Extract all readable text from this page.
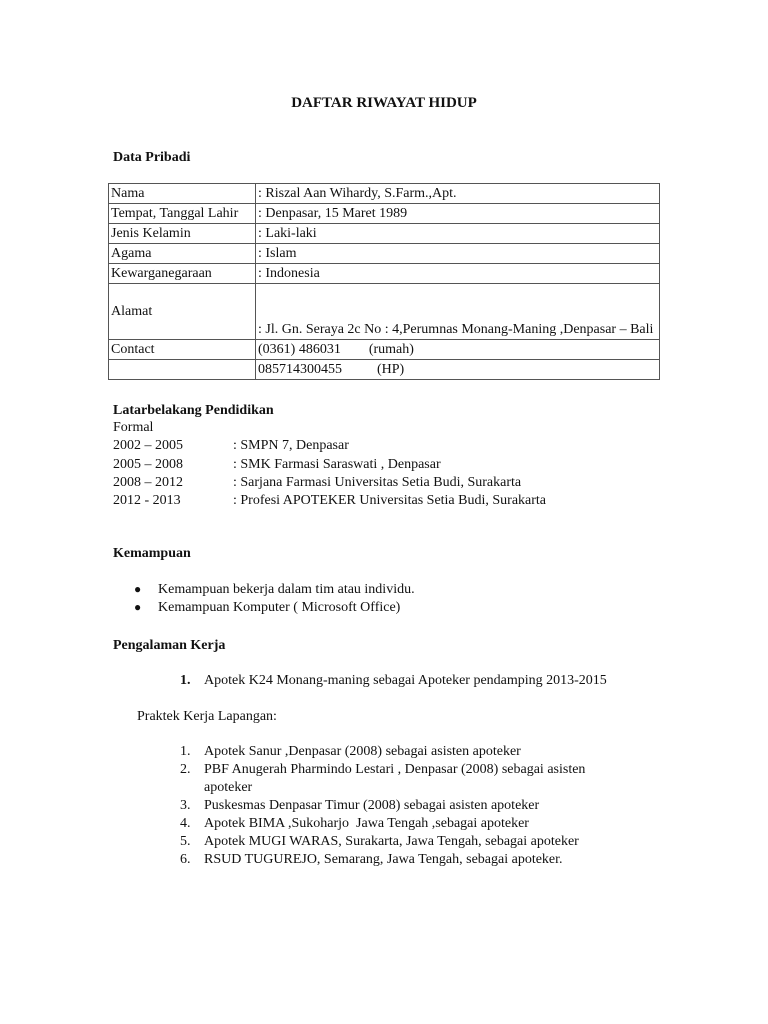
DAFTAR RIWAYAT HIDUP
Data Pribadi
Nama	: Riszal Aan Wihardy, S.Farm.,Apt.
Tempat, Tanggal Lahir	: Denpasar, 15 Maret 1989
Jenis Kelamin	: Laki-laki
Agama	: Islam
Kewarganegaraan	: Indonesia
Alamat	: Jl. Gn. Seraya 2c No : 4,Perumnas Monang-Maning ,Denpasar – Bali
Contact	(0361) 486031        (rumah)
	085714300455          (HP)
Latarbelakang Pendidikan
Formal
2002 – 2005	: SMPN 7, Denpasar
2005 – 2008	: SMK Farmasi Saraswati , Denpasar
2008 – 2012	: Sarjana Farmasi Universitas Setia Budi, Surakarta
2012 - 2013	: Profesi APOTEKER Universitas Setia Budi, Surakarta
Kemampuan
● Kemampuan bekerja dalam tim atau individu.
● Kemampuan Komputer ( Microsoft Office)
Pengalaman Kerja
1. Apotek K24 Monang-maning sebagai Apoteker pendamping 2013-2015
Praktek Kerja Lapangan:
1. Apotek Sanur ,Denpasar (2008) sebagai asisten apoteker
2. PBF Anugerah Pharmindo Lestari , Denpasar (2008) sebagai asisten
apoteker
3. Puskesmas Denpasar Timur (2008) sebagai asisten apoteker
4. Apotek BIMA ,Sukoharjo  Jawa Tengah ,sebagai apoteker
5. Apotek MUGI WARAS, Surakarta, Jawa Tengah, sebagai apoteker
6. RSUD TUGUREJO, Semarang, Jawa Tengah, sebagai apoteker.
